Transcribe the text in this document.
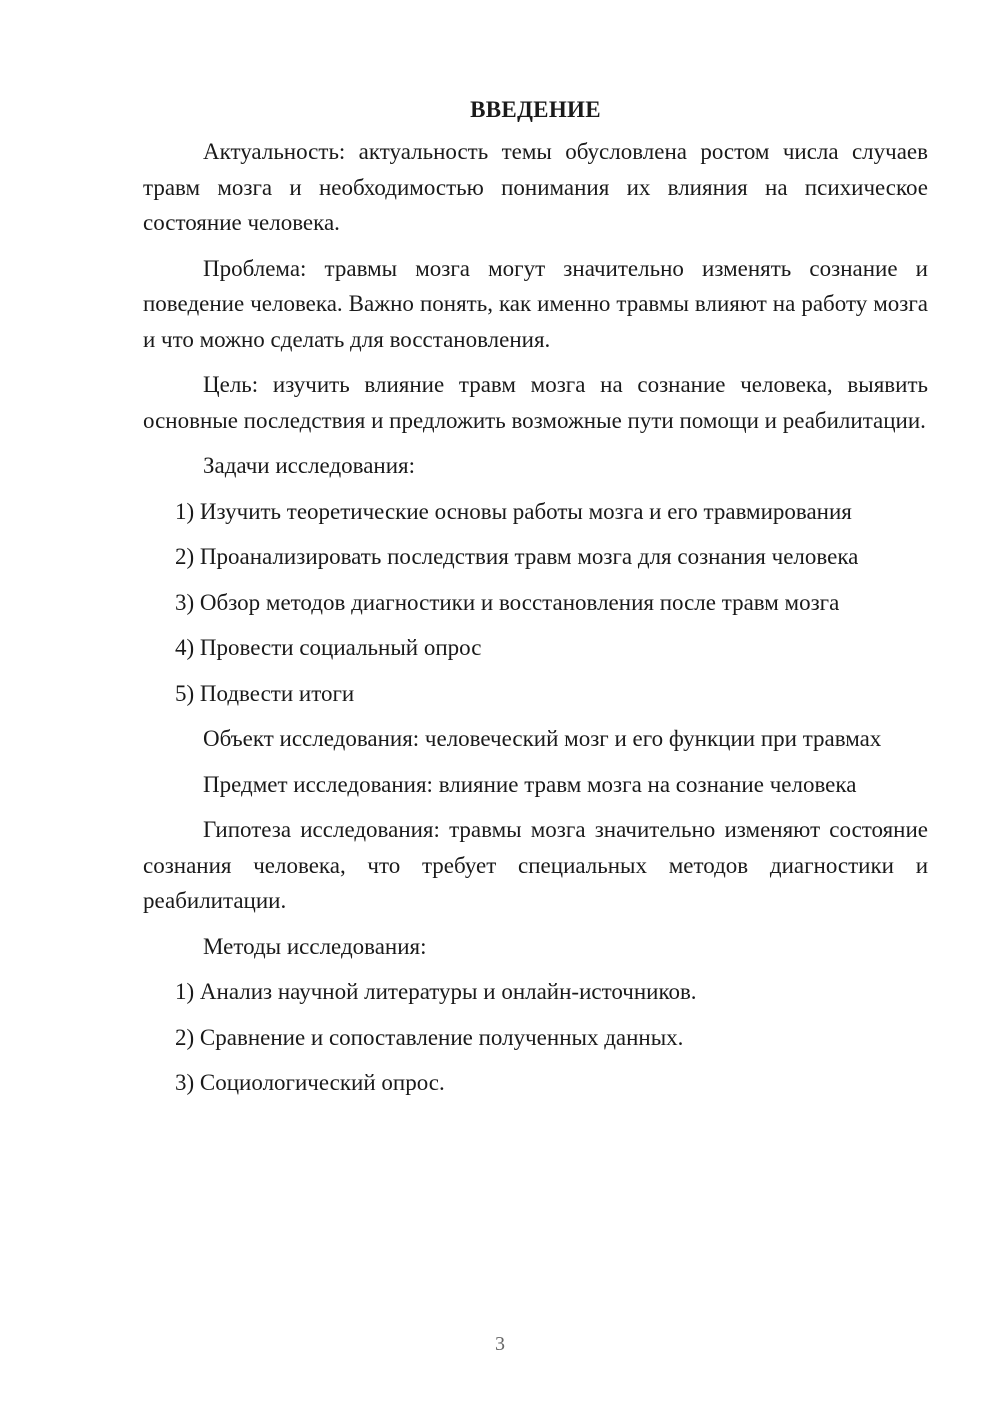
ВВЕДЕНИЕ

Актуальность: актуальность темы обусловлена ростом числа случаев травм мозга и необходимостью понимания их влияния на психическое состояние человека.

Проблема: травмы мозга могут значительно изменять сознание и поведение человека. Важно понять, как именно травмы влияют на работу мозга и что можно сделать для восстановления.

Цель: изучить влияние травм мозга на сознание человека, выявить основные последствия и предложить возможные пути помощи и реабилитации.

Задачи исследования:

1) Изучить теоретические основы работы мозга и его травмирования
2) Проанализировать последствия травм мозга для сознания человека
3) Обзор методов диагностики и восстановления после травм мозга
4) Провести социальный опрос
5) Подвести итоги

Объект исследования: человеческий мозг и его функции при травмах

Предмет исследования: влияние травм мозга на сознание человека

Гипотеза исследования: травмы мозга значительно изменяют состояние сознания человека, что требует специальных методов диагностики и реабилитации.

Методы исследования:

1) Анализ научной литературы и онлайн-источников.
2) Сравнение и сопоставление полученных данных.
3) Социологический опрос.
3
